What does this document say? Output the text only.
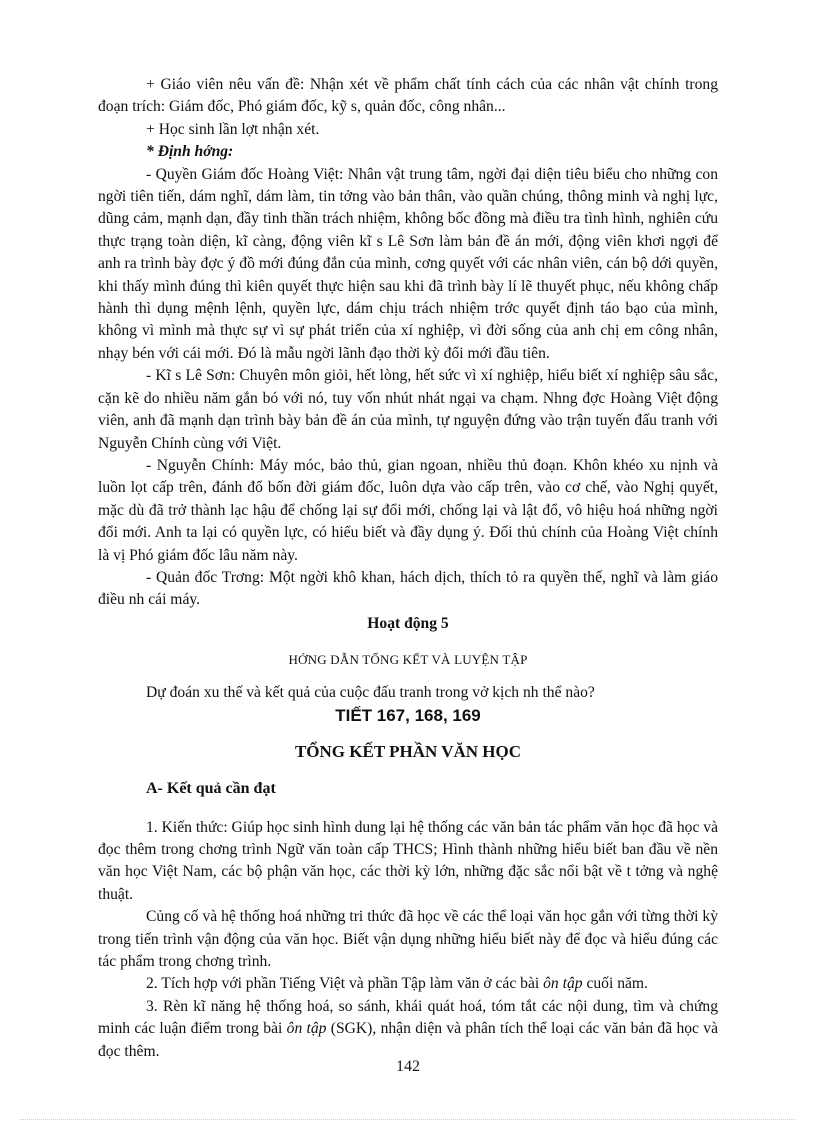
+ Giáo viên nêu vấn đề: Nhận xét về phẩm chất tính cách của các nhân vật chính trong đoạn trích: Giám đốc, Phó giám đốc, kỹ s, quản đốc, công nhân...

+ Học sinh lần lợt nhận xét.

* Định hớng:

- Quyền Giám đốc Hoàng Việt: Nhân vật trung tâm, ngời đại diện tiêu biểu cho những con ngời tiên tiến, dám nghĩ, dám làm, tin tởng vào bản thân, vào quần chúng, thông minh và nghị lực, dũng cảm, mạnh dạn, đầy tinh thần trách nhiệm, không bốc đồng mà điều tra tình hình, nghiên cứu thực trạng toàn diện, kĩ càng, động viên kĩ s Lê Sơn làm bản đề án mới, động viên khơi ngợi để anh ra trình bày đợc ý đồ mới đúng đắn của mình, cơng quyết với các nhân viên, cán bộ dới quyền, khi thấy mình đúng thì kiên quyết thực hiện sau khi đã trình bày lí lẽ thuyết phục, nếu không chấp hành thì dụng mệnh lệnh, quyền lực, dám chịu trách nhiệm trớc quyết định táo bạo của mình, không vì mình mà thực sự vì sự phát triển của xí nghiệp, vì đời sống của anh chị em công nhân, nhạy bén với cái mới. Đó là mẫu ngời lãnh đạo thời kỳ đổi mới đầu tiên.

- Kĩ s Lê Sơn: Chuyên môn giỏi, hết lòng, hết sức vì xí nghiệp, hiểu biết xí nghiệp sâu sắc, cặn kẽ do nhiều năm gắn bó với nó, tuy vốn nhút nhát ngại va chạm. Nhng đợc Hoàng Việt động viên, anh đã mạnh dạn trình bày bản đề án của mình, tự nguyện đứng vào trận tuyến đấu tranh với Nguyễn Chính cùng với Việt.

- Nguyễn Chính: Máy móc, bảo thủ, gian ngoan, nhiều thủ đoạn. Khôn khéo xu nịnh và luồn lọt cấp trên, đánh đổ bốn đời giám đốc, luôn dựa vào cấp trên, vào cơ chế, vào Nghị quyết, mặc dù đã trở thành lạc hậu để chống lại sự đổi mới, chống lại và lật đổ, vô hiệu hoá những ngời đổi mới. Anh ta lại có quyền lực, có hiểu biết và đầy dụng ý. Đối thủ chính của Hoàng Việt chính là vị Phó giám đốc lâu năm này.

- Quản đốc Trơng: Một ngời khô khan, hách dịch, thích tỏ ra quyền thế, nghĩ và làm giáo điều nh cái máy.

Hoạt động 5

HỚNG DẪN TỔNG KẾT VÀ LUYỆN TẬP

Dự đoán xu thế và kết quả của cuộc đấu tranh trong vở kịch nh thể nào?

TIẾT 167, 168, 169

TỔNG KẾT PHẦN VĂN HỌC

A- Kết quả cần đạt

1. Kiến thức: Giúp học sinh hình dung lại hệ thống các văn bản tác phẩm văn học đã học và đọc thêm trong chơng trình Ngữ văn toàn cấp THCS; Hình thành những hiểu biết ban đầu về nền văn học Việt Nam, các bộ phận văn học, các thời kỳ lớn, những đặc sắc nổi bật về t tởng và nghệ thuật.

Củng cố và hệ thống hoá những tri thức đã học về các thể loại văn học gắn với từng thời kỳ trong tiến trình vận động của văn học. Biết vận dụng những hiểu biết này để đọc và hiểu đúng các tác phẩm trong chơng trình.

2. Tích hợp với phần Tiếng Việt và phần Tập làm văn ở các bài ôn tập cuối năm.

3. Rèn kĩ năng hệ thống hoá, so sánh, khái quát hoá, tóm tắt các nội dung, tìm và chứng minh các luận điểm trong bài ôn tập (SGK), nhận diện và phân tích thể loại các văn bản đã học và đọc thêm.

142
